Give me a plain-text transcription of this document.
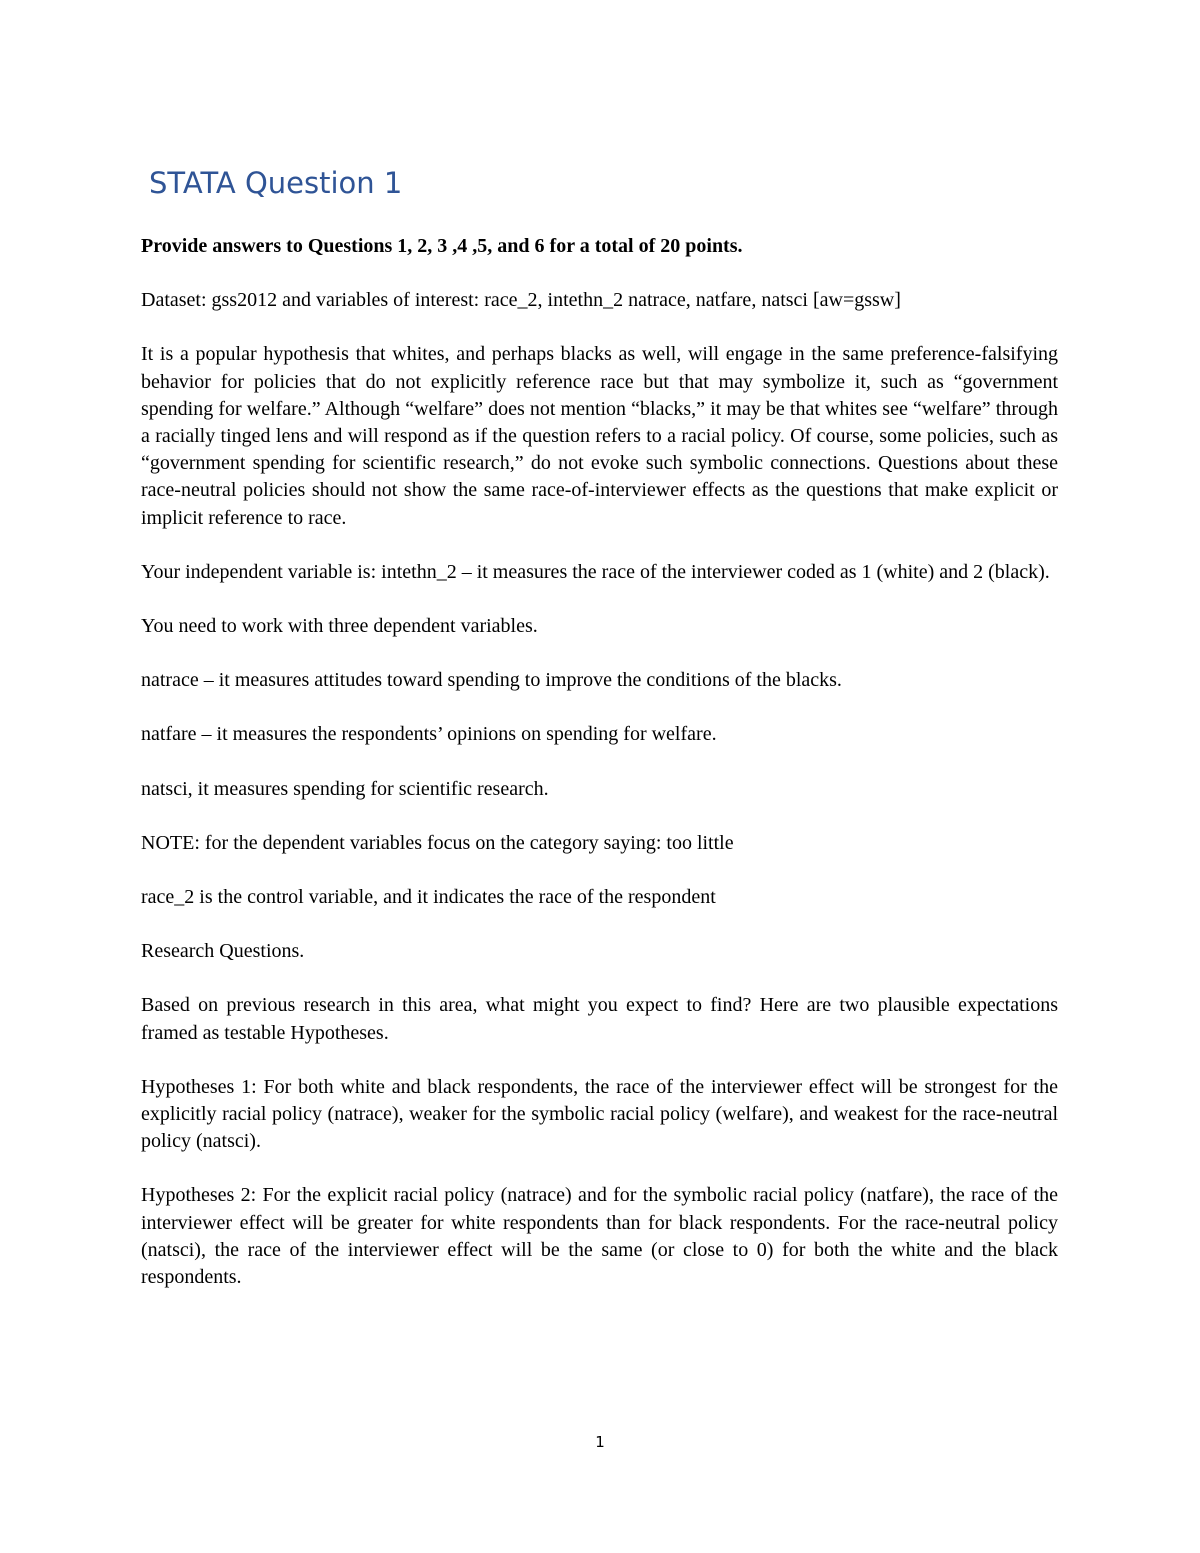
STATA Question 1

Provide answers to Questions 1, 2, 3 ,4 ,5, and 6 for a total of 20 points.

Dataset: gss2012 and variables of interest: race_2, intethn_2 natrace, natfare, natsci [aw=gssw]

It is a popular hypothesis that whites, and perhaps blacks as well, will engage in the same preference-falsifying behavior for policies that do not explicitly reference race but that may symbolize it, such as “government spending for welfare.” Although “welfare” does not mention “blacks,” it may be that whites see “welfare” through a racially tinged lens and will respond as if the question refers to a racial policy. Of course, some policies, such as “government spending for scientific research,” do not evoke such symbolic connections. Questions about these race-neutral policies should not show the same race-of-interviewer effects as the questions that make explicit or implicit reference to race.

Your independent variable is: intethn_2 – it measures the race of the interviewer coded as 1 (white) and 2 (black).

You need to work with three dependent variables.

natrace – it measures attitudes toward spending to improve the conditions of the blacks.

natfare – it measures the respondents’ opinions on spending for welfare.

natsci, it measures spending for scientific research.

NOTE: for the dependent variables focus on the category saying: too little

race_2 is the control variable, and it indicates the race of the respondent

Research Questions.

Based on previous research in this area, what might you expect to find? Here are two plausible expectations framed as testable Hypotheses.

Hypotheses 1: For both white and black respondents, the race of the interviewer effect will be strongest for the explicitly racial policy (natrace), weaker for the symbolic racial policy (welfare), and weakest for the race-neutral policy (natsci).

Hypotheses 2: For the explicit racial policy (natrace) and for the symbolic racial policy (natfare), the race of the interviewer effect will be greater for white respondents than for black respondents. For the race-neutral policy (natsci), the race of the interviewer effect will be the same (or close to 0) for both the white and the black respondents.

1
